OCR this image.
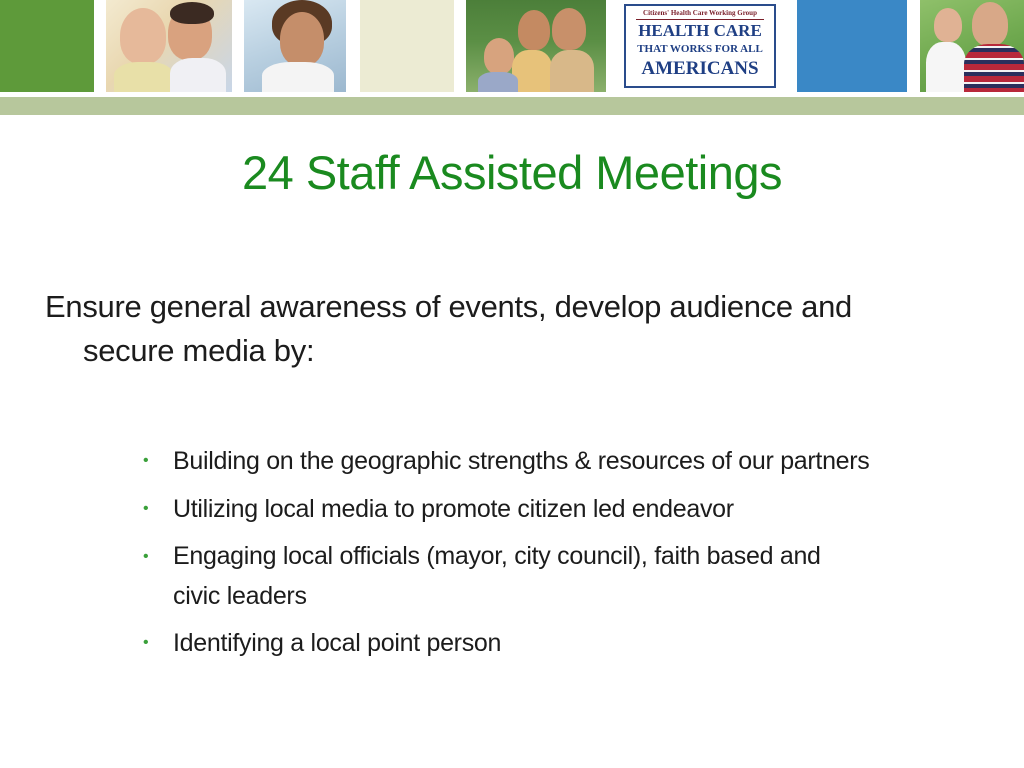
Citizens' Health Care Working Group
HEALTH CARE
THAT WORKS FOR ALL
AMERICANS
24 Staff Assisted Meetings
Ensure general awareness of events, develop audience and
secure media by:
• Building on the geographic strengths & resources of our partners
• Utilizing local media to promote citizen led endeavor
• Engaging local officials (mayor, city council), faith based and
civic leaders
• Identifying a local point person
